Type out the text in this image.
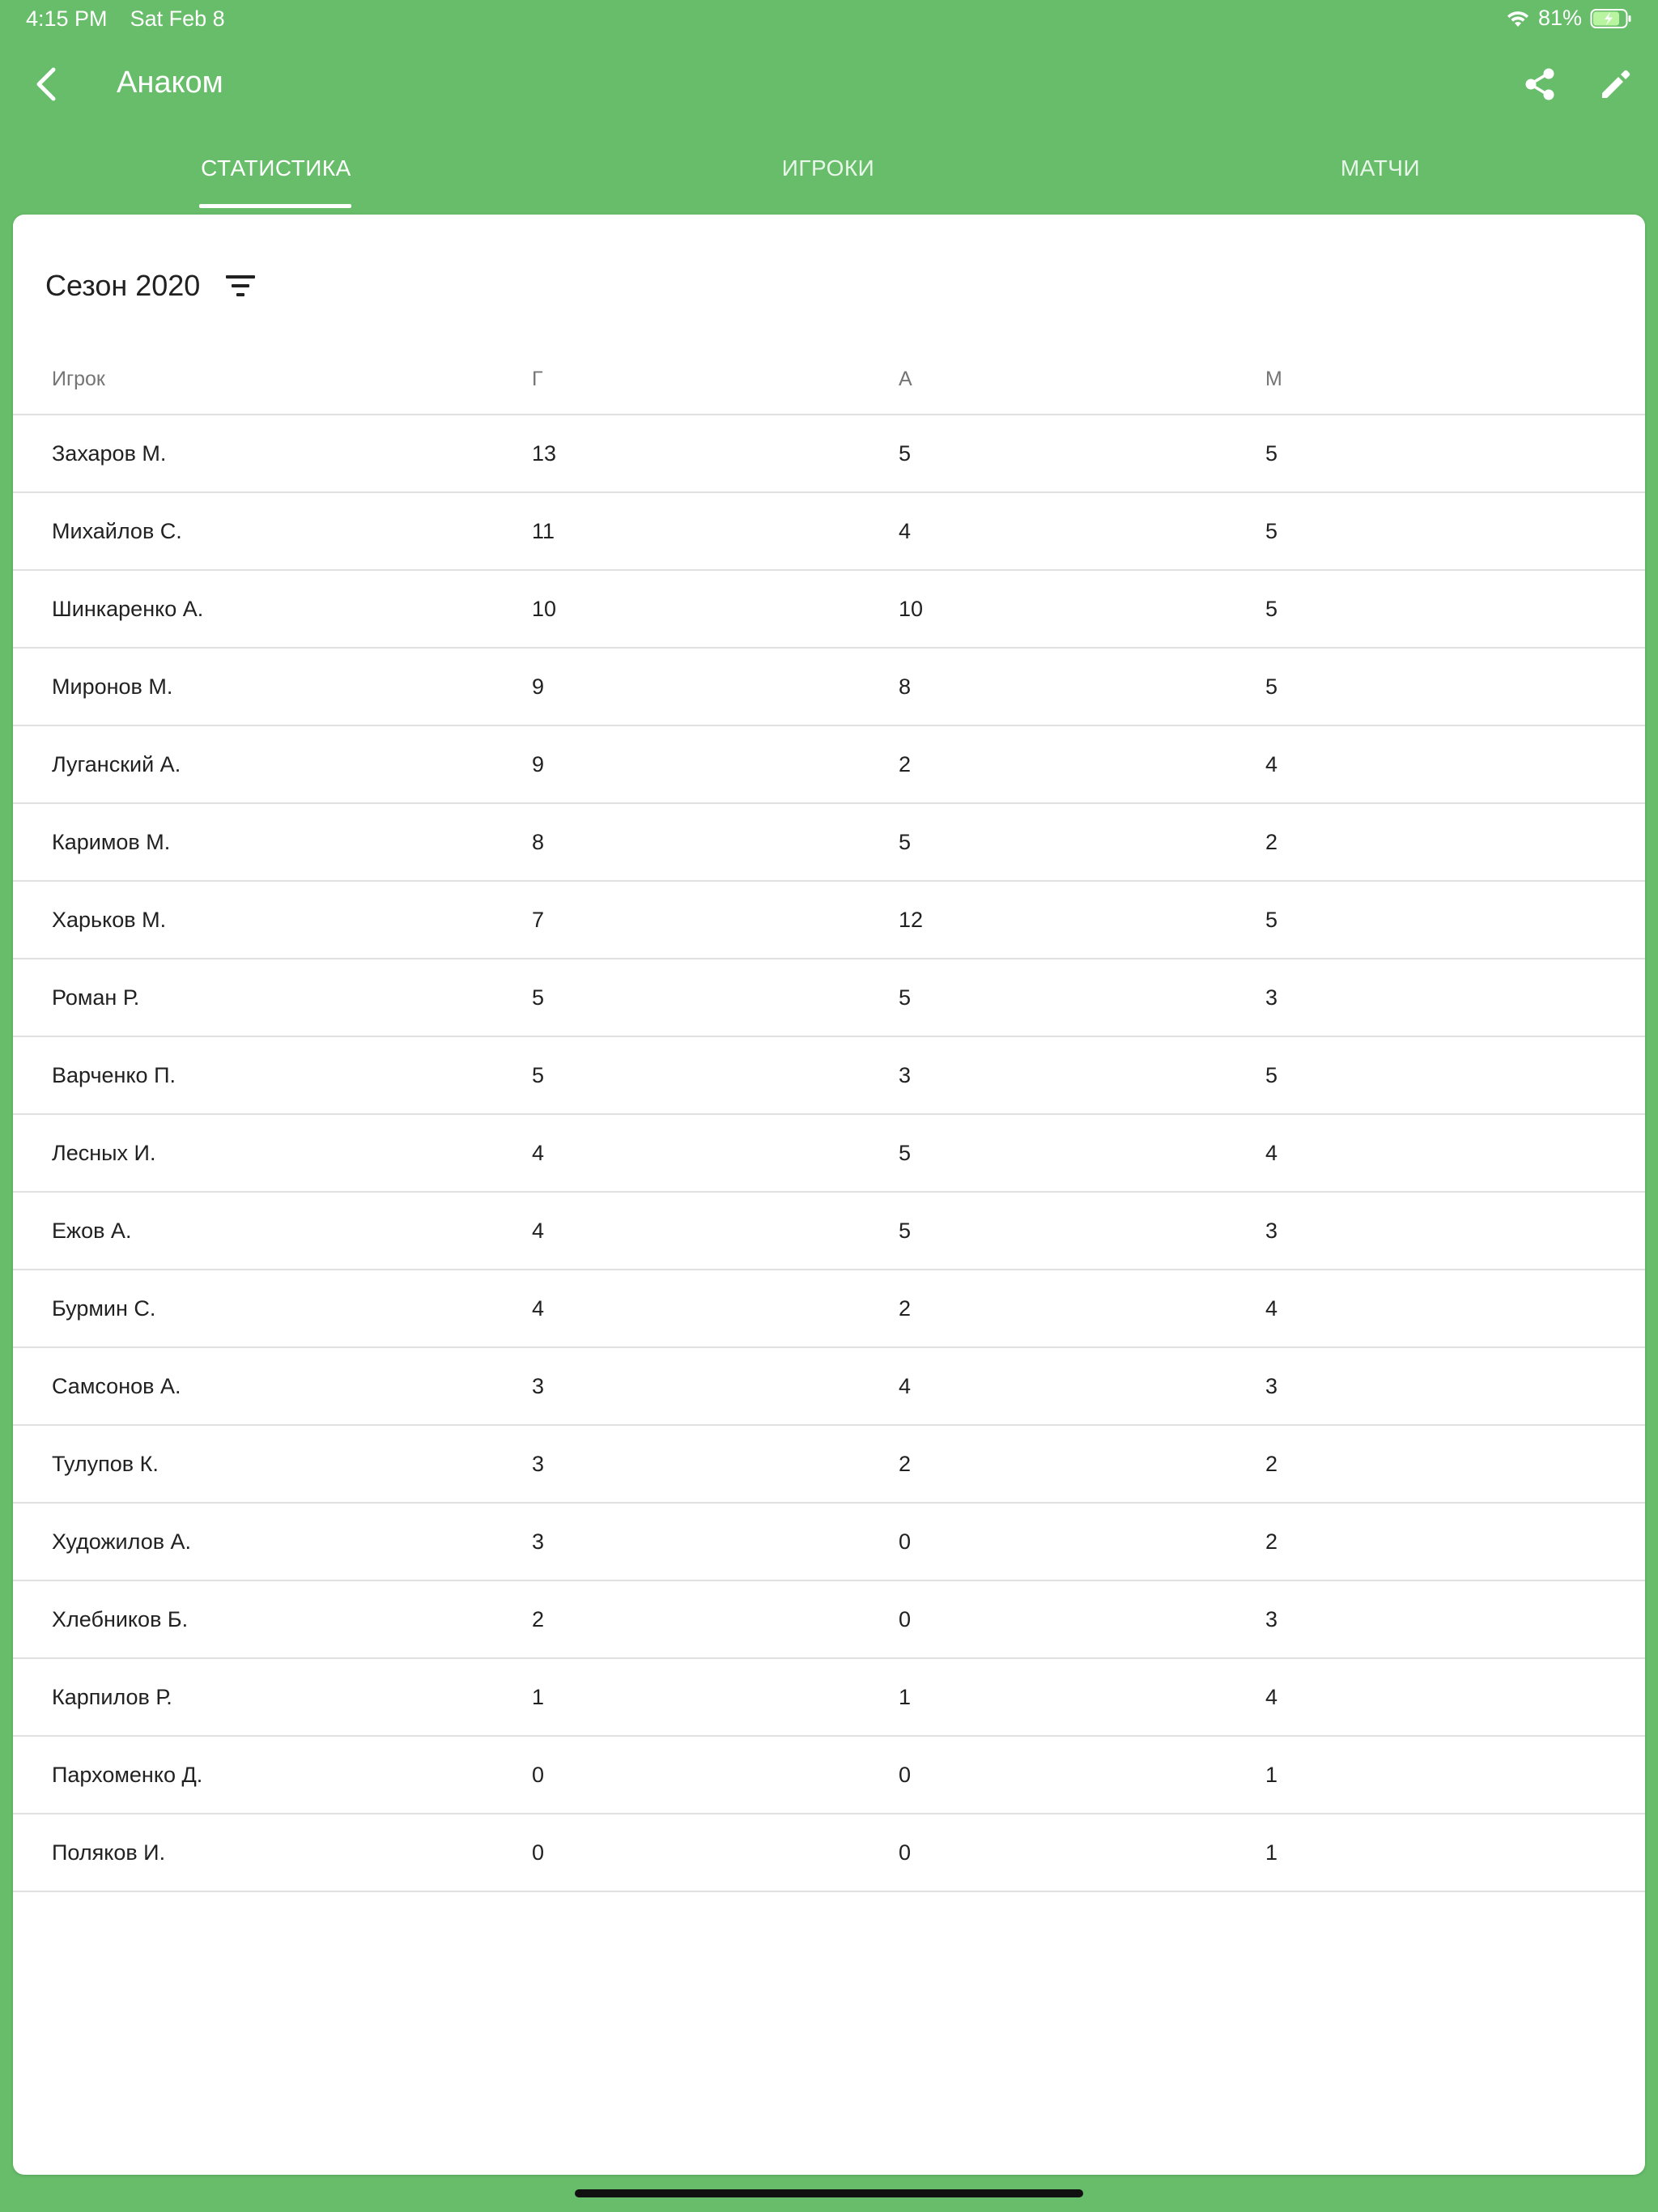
4:15 PM Sat Feb 8	81%
Анаком
СТАТИСТИКА	ИГРОКИ	МАТЧИ
Сезон 2020
Игрок	Г	А	М
Захаров М.	13	5	5
Михайлов С.	11	4	5
Шинкаренко А.	10	10	5
Миронов М.	9	8	5
Луганский А.	9	2	4
Каримов М.	8	5	2
Харьков М.	7	12	5
Роман Р.	5	5	3
Варченко П.	5	3	5
Лесных И.	4	5	4
Ежов А.	4	5	3
Бурмин С.	4	2	4
Самсонов А.	3	4	3
Тулупов К.	3	2	2
Художилов А.	3	0	2
Хлебников Б.	2	0	3
Карпилов Р.	1	1	4
Пархоменко Д.	0	0	1
Поляков И.	0	0	1
